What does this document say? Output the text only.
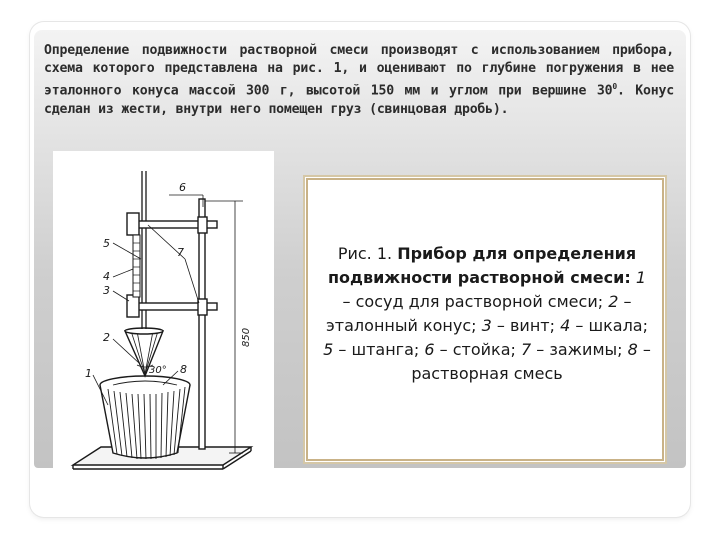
Определение подвижности растворной смеси производят с использованием прибора, схема которого представлена на рис. 1, и оценивают по глубине погружения в нее эталонного конуса массой 300 г, высотой 150 мм и углом при вершине $30^0$. Конус сделан из жести, внутри него помещен груз (свинцовая дробь).

6
5
7
4
3
2
1	8
30°
850

Рис. 1. Прибор для определения подвижности растворной смеси: 1 – сосуд для растворной смеси; 2 – эталонный конус; 3 – винт; 4 – шкала; 5 – штанга; 6 – стойка; 7 – зажимы; 8 – растворная смесь
